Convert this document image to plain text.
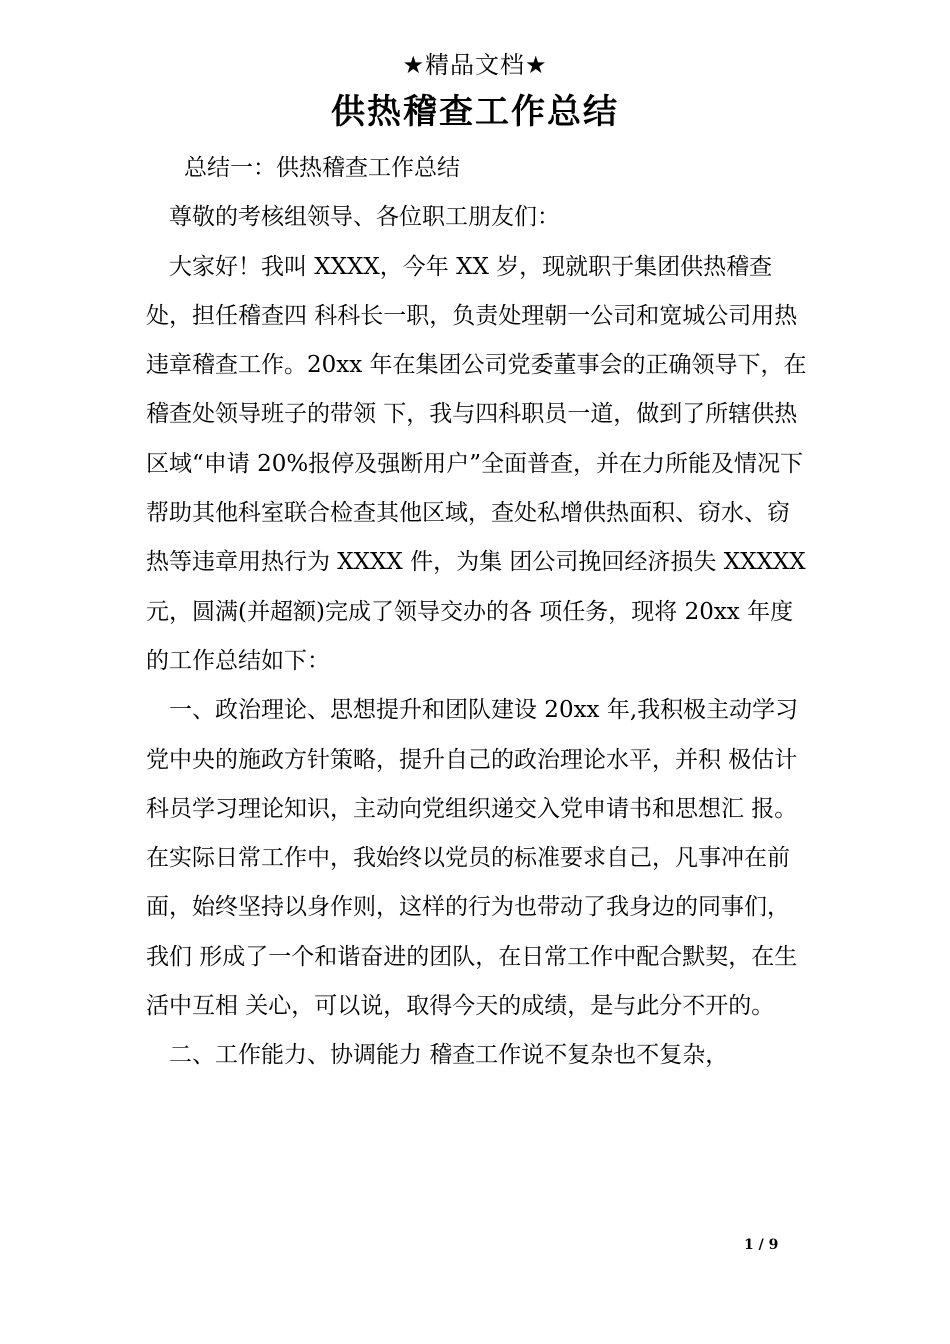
★精品文档★
供热稽查工作总结

总结一：供热稽查工作总结

尊敬的考核组领导、各位职工朋友们：

大家好！我叫 XXXX，今年 XX 岁，现就职于集团供热稽查处，担任稽查四 科科长一职，负责处理朝一公司和宽城公司用热违章稽查工作。20xx 年在集团公司党委董事会的正确领导下，在稽查处领导班子的带领 下，我与四科职员一道，做到了所辖供热区域“申请 20%报停及强断用户”全面普查，并在力所能及情况下帮助其他科室联合检查其他区域，查处私增供热面积、窃水、窃热等违章用热行为 XXXX 件，为集 团公司挽回经济损失 XXXXX 元，圆满(并超额)完成了领导交办的各 项任务，现将 20xx 年度的工作总结如下：

一、政治理论、思想提升和团队建设 20xx 年,我积极主动学习党中央的施政方针策略，提升自己的政治理论水平，并积 极估计科员学习理论知识，主动向党组织递交入党申请书和思想汇 报。在实际日常工作中，我始终以党员的标准要求自己，凡事冲在前 面，始终坚持以身作则，这样的行为也带动了我身边的同事们，我们 形成了一个和谐奋进的团队，在日常工作中配合默契，在生活中互相 关心，可以说，取得今天的成绩，是与此分不开的。

二、工作能力、协调能力 稽查工作说不复杂也不复杂，

1 / 9
